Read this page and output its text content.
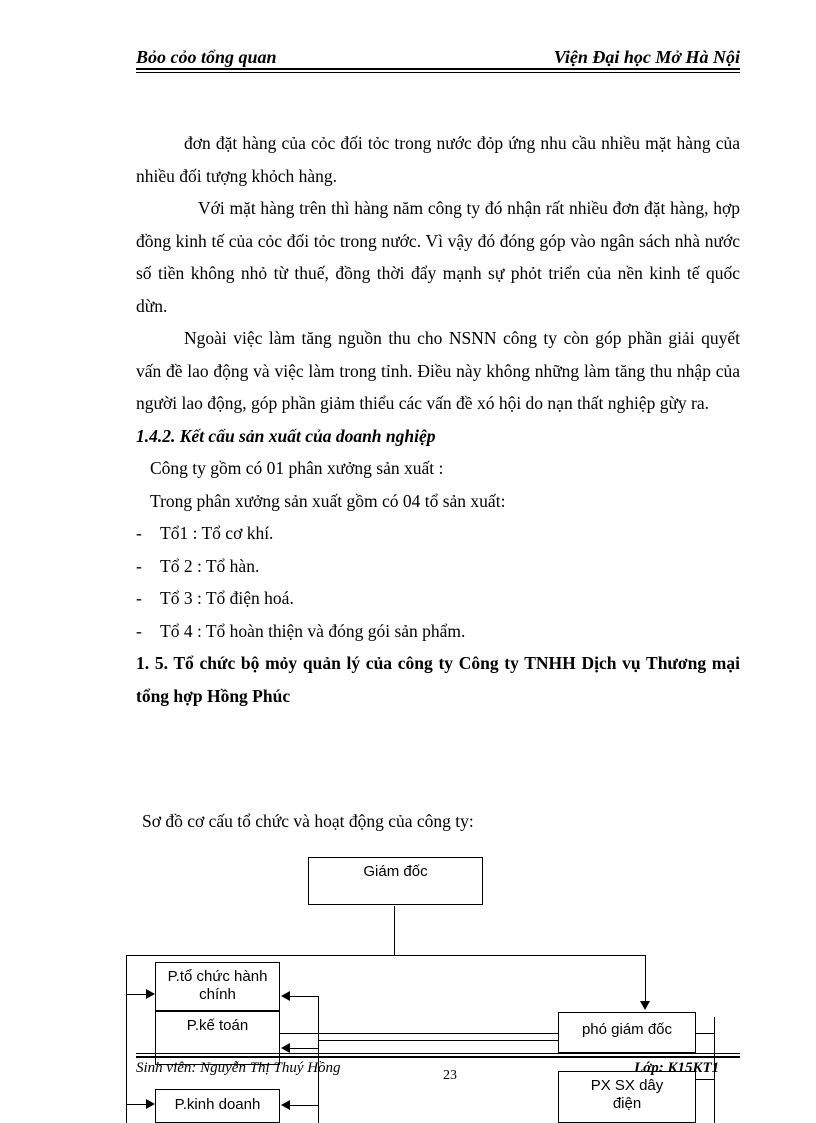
Bỏo cỏo tổng quan	Viện Đại học Mở Hà Nội

đơn đặt hàng của cỏc đối tỏc trong nước đỏp ứng nhu cầu nhiều mặt hàng của nhiều đối tượng khỏch hàng.

Với mặt hàng trên thì hàng năm công ty đó nhận rất nhiều đơn đặt hàng, hợp đồng kinh tế của cỏc đối tỏc trong nước. Vì vậy đó đóng góp vào ngân sách nhà nước số tiền không nhỏ từ thuế, đồng thời đẩy mạnh sự phỏt triển của nền kinh tế quốc dừn.

Ngoài việc làm tăng nguồn thu cho NSNN công ty còn góp phần giải quyết vấn đề lao động và việc làm trong tỉnh. Điều này không những làm tăng thu nhập của người lao động, góp phần giảm thiểu các vấn đề xó hội do nạn thất nghiệp gừy ra.

1.4.2. Kết cấu sản xuất của doanh nghiệp
Công ty gồm có 01 phân xưởng sản xuất :
Trong phân xưởng sản xuất gồm có 04 tổ sản xuất:
-	Tổ1 : Tổ cơ khí.
-	Tổ 2 : Tổ hàn.
-	Tổ 3 : Tổ điện hoá.
-	Tổ 4 : Tổ hoàn thiện và đóng gói sản phẩm.

1. 5. Tổ chức bộ mỏy quản lý của công ty Công ty TNHH Dịch vụ Thương mại tổng hợp Hồng Phúc

Sơ đồ cơ cấu tổ chức và hoạt động của công ty:
Giám đốc
P.tổ chức hành chính
P.kế toán	phó giám đốc
P.kinh doanh
PX SX dây điện
Sinh viên: Nguyễn Thị Thuý Hồng	23	Lớp: K15KT1
